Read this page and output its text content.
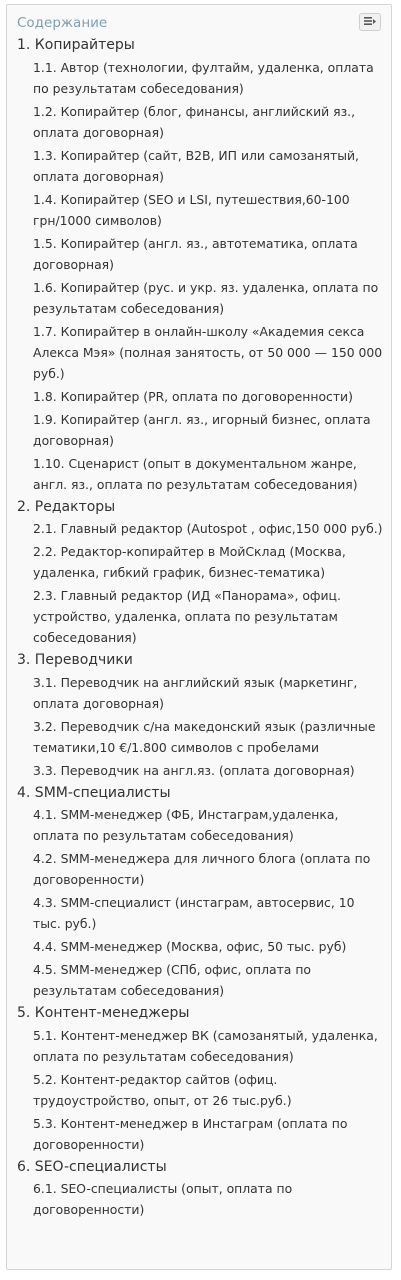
Содержание
1. Копирайтеры
1.1. Автор (технологии, фултайм, удаленка, оплата по результатам собеседования)
1.2. Копирайтер (блог, финансы, английский яз., оплата договорная)
1.3. Копирайтер (сайт, B2B, ИП или самозанятый, оплата договорная)
1.4. Копирайтер (SEO и LSI, путешествия,60-100 грн/1000 символов)
1.5. Копирайтер (англ. яз., автотематика, оплата договорная)
1.6. Копирайтер (рус. и укр. яз. удаленка, оплата по результатам собеседования)
1.7. Копирайтер в онлайн-школу «Академия секса Алекса Мэя» (полная занятость, от 50 000 — 150 000 руб.)
1.8. Копирайтер (PR, оплата по договоренности)
1.9. Копирайтер (англ. яз., игорный бизнес, оплата договорная)
1.10. Сценарист (опыт в документальном жанре, англ. яз., оплата по результатам собеседования)
2. Редакторы
2.1. Главный редактор (Autospot , офис,150 000 руб.)
2.2. Редактор-копирайтер в МойСклад (Москва, удаленка, гибкий график, бизнес-тематика)
2.3. Главный редактор (ИД «Панорама», офиц. устройство, удаленка, оплата по результатам собеседования)
3. Переводчики
3.1. Переводчик на английский язык (маркетинг, оплата договорная)
3.2. Переводчик с/на македонский язык (различные тематики,10 €/1.800 символов с пробелами
3.3. Переводчик на англ.яз. (оплата договорная)
4. SMM-специалисты
4.1. SMM-менеджер (ФБ, Инстаграм,удаленка, оплата по результатам собеседования)
4.2. SMM-менеджера для личного блога (оплата по договоренности)
4.3. SMM-специалист (инстаграм, автосервис, 10 тыс. руб.)
4.4. SMM-менеджер (Москва, офис, 50 тыс. руб)
4.5. SMM-менеджер (СПб, офис, оплата по результатам собеседования)
5. Контент-менеджеры
5.1. Контент-менеджер ВК (самозанятый, удаленка, оплата по результатам собеседования)
5.2. Контент-редактор сайтов (офиц. трудоустройство, опыт, от 26 тыс.руб.)
5.3. Контент-менеджер в Инстаграм (оплата по договоренности)
6. SEO-специалисты
6.1. SEO-специалисты (опыт, оплата по договоренности)
